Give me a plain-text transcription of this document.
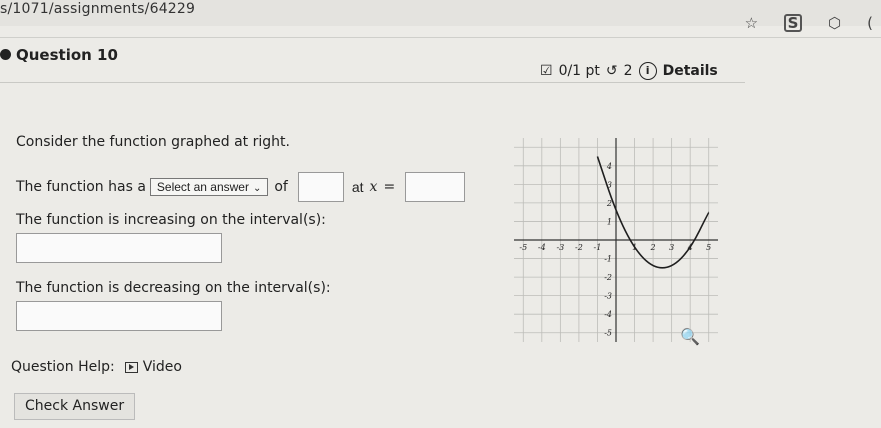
s/1071/assignments/64229
☆ S ⬡ (
Question 10
☑ 0/1 pt ↺ 2	i Details
Consider the function graphed at right.
The function has a Select an answer ⌄ of	at x =
The function is increasing on the interval(s):
The function is decreasing on the interval(s):
-5 -4 -3 -2 -1	1 2 3 4 5
4
3
2
1
-1
-2
-3
-4
-5	🔍
Question Help: Video
Check Answer
